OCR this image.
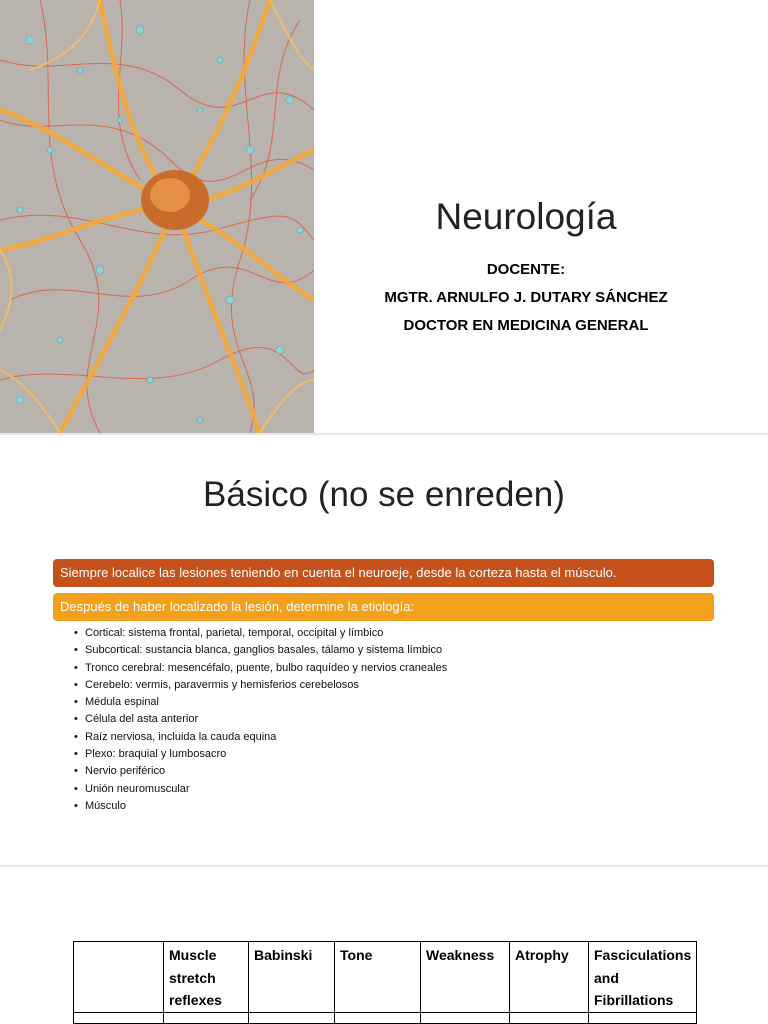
Neurología
DOCENTE:
MGTR. ARNULFO J. DUTARY SÁNCHEZ
DOCTOR EN MEDICINA GENERAL
Básico (no se enreden)
Siempre localice las lesiones teniendo en cuenta el neuroeje, desde la corteza hasta el músculo.
Después de haber localizado la lesión, determine la etiología:
• Cortical: sistema frontal, parietal, temporal, occipital y límbico
• Subcortical: sustancia blanca, ganglios basales, tálamo y sistema límbico
• Tronco cerebral: mesencéfalo, puente, bulbo raquídeo y nervios craneales
• Cerebelo: vermis, paravermis y hemisferios cerebelosos
• Médula espinal
• Célula del asta anterior
• Raíz nerviosa, incluida la cauda equina
• Plexo: braquial y lumbosacro
• Nervio periférico
• Unión neuromuscular
• Músculo
	Muscle stretch reflexes	Babinski	Tone	Weakness	Atrophy	Fasciculations and Fibrillations
